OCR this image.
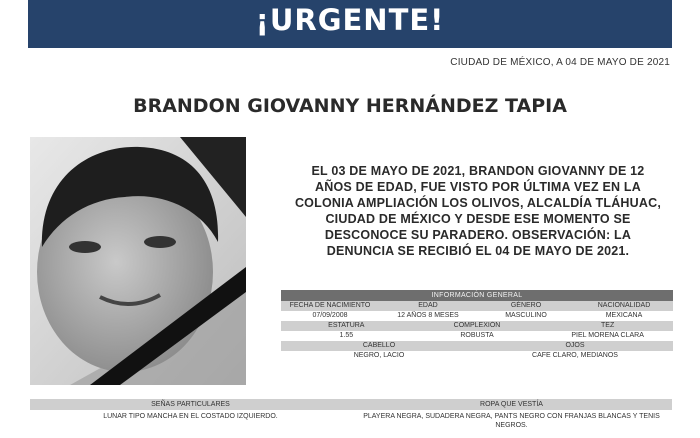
¡URGENTE!
CIUDAD DE MÉXICO, A 04 DE MAYO DE 2021
BRANDON GIOVANNY HERNÁNDEZ TAPIA
EL 03 DE MAYO DE 2021, BRANDON GIOVANNY DE 12
AÑOS DE EDAD, FUE VISTO POR ÚLTIMA VEZ EN LA
COLONIA AMPLIACIÓN LOS OLIVOS, ALCALDÍA TLÁHUAC,
CIUDAD DE MÉXICO Y DESDE ESE MOMENTO SE
DESCONOCE SU PARADERO. OBSERVACIÓN: LA
DENUNCIA SE RECIBIÓ EL 04 DE MAYO DE 2021.
INFORMACIÓN GENERAL
FECHA DE NACIMIENTO	EDAD	GÉNERO	NACIONALIDAD
07/09/2008	12 AÑOS 8 MESES	MASCULINO	MEXICANA
ESTATURA	COMPLEXIÓN	TEZ
1.55	ROBUSTA	PIEL MORENA CLARA
CABELLO	OJOS
NEGRO, LACIO	CAFE CLARO, MEDIANOS
SEÑAS PARTICULARES	ROPA QUE VESTÍA
LUNAR TIPO MANCHA EN EL COSTADO IZQUIERDO.	PLAYERA NEGRA, SUDADERA NEGRA, PANTS NEGRO CON FRANJAS BLANCAS Y TENIS NEGROS.
